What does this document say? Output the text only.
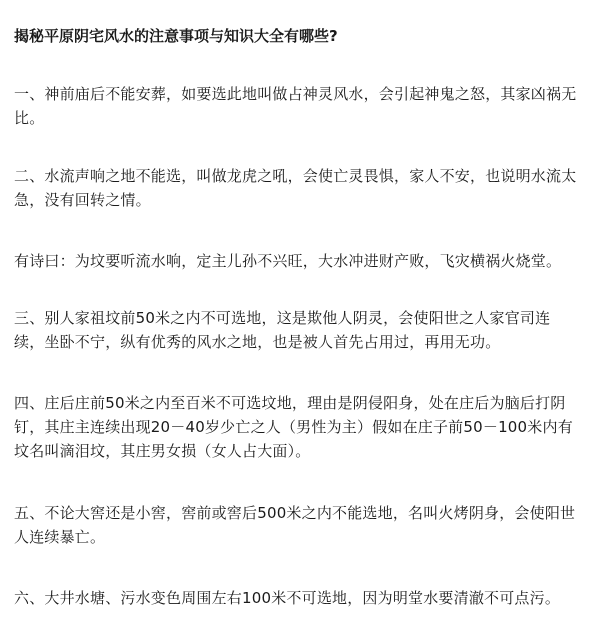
揭秘平原阴宅风水的注意事项与知识大全有哪些?
一、神前庙后不能安葬，如要选此地叫做占神灵风水，会引起神鬼之怒，其家凶祸无
比。
二、水流声响之地不能选，叫做龙虎之吼，会使亡灵畏惧，家人不安，也说明水流太
急，没有回转之情。
有诗曰：为坟要听流水响，定主儿孙不兴旺，大水冲进财产败，飞灾横祸火烧堂。
三、别人家祖坟前50米之内不可选地，这是欺他人阴灵，会使阳世之人家官司连
续，坐卧不宁，纵有优秀的风水之地，也是被人首先占用过，再用无功。
四、庄后庄前50米之内至百米不可选坟地，理由是阴侵阳身，处在庄后为脑后打阴
钉，其庄主连续出现20－40岁少亡之人（男性为主）假如在庄子前50－100米内有
坟名叫滴泪坟，其庄男女损（女人占大面）。
五、不论大窖还是小窖，窖前或窖后500米之内不能选地，名叫火烤阴身，会使阳世
人连续暴亡。
六、大井水塘、污水变色周围左右100米不可选地，因为明堂水要清澈不可点污。
